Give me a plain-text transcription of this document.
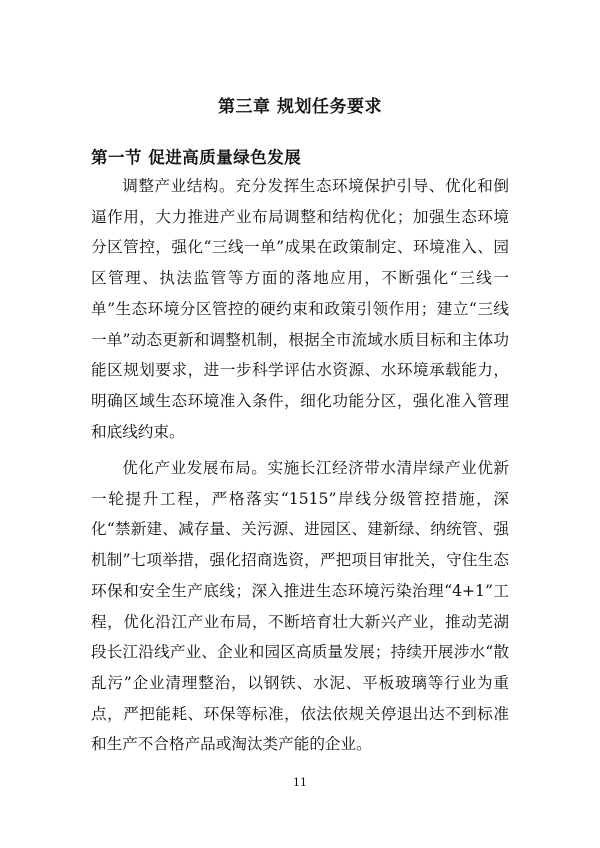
第三章 规划任务要求
第一节 促进高质量绿色发展

调整产业结构。充分发挥生态环境保护引导、优化和倒逼作用，大力推进产业布局调整和结构优化；加强生态环境分区管控，强化“三线一单”成果在政策制定、环境准入、园区管理、执法监管等方面的落地应用，不断强化“三线一单”生态环境分区管控的硬约束和政策引领作用；建立“三线一单”动态更新和调整机制，根据全市流域水质目标和主体功能区规划要求，进一步科学评估水资源、水环境承载能力，明确区域生态环境准入条件，细化功能分区，强化准入管理和底线约束。

优化产业发展布局。实施长江经济带水清岸绿产业优新一轮提升工程，严格落实“1515”岸线分级管控措施，深化“禁新建、减存量、关污源、进园区、建新绿、纳统管、强机制”七项举措，强化招商选资，严把项目审批关，守住生态环保和安全生产底线；深入推进生态环境污染治理“4+1”工程，优化沿江产业布局，不断培育壮大新兴产业，推动芜湖段长江沿线产业、企业和园区高质量发展；持续开展涉水“散乱污”企业清理整治，以钢铁、水泥、平板玻璃等行业为重点，严把能耗、环保等标准，依法依规关停退出达不到标准和生产不合格产品或淘汰类产能的企业。

11
